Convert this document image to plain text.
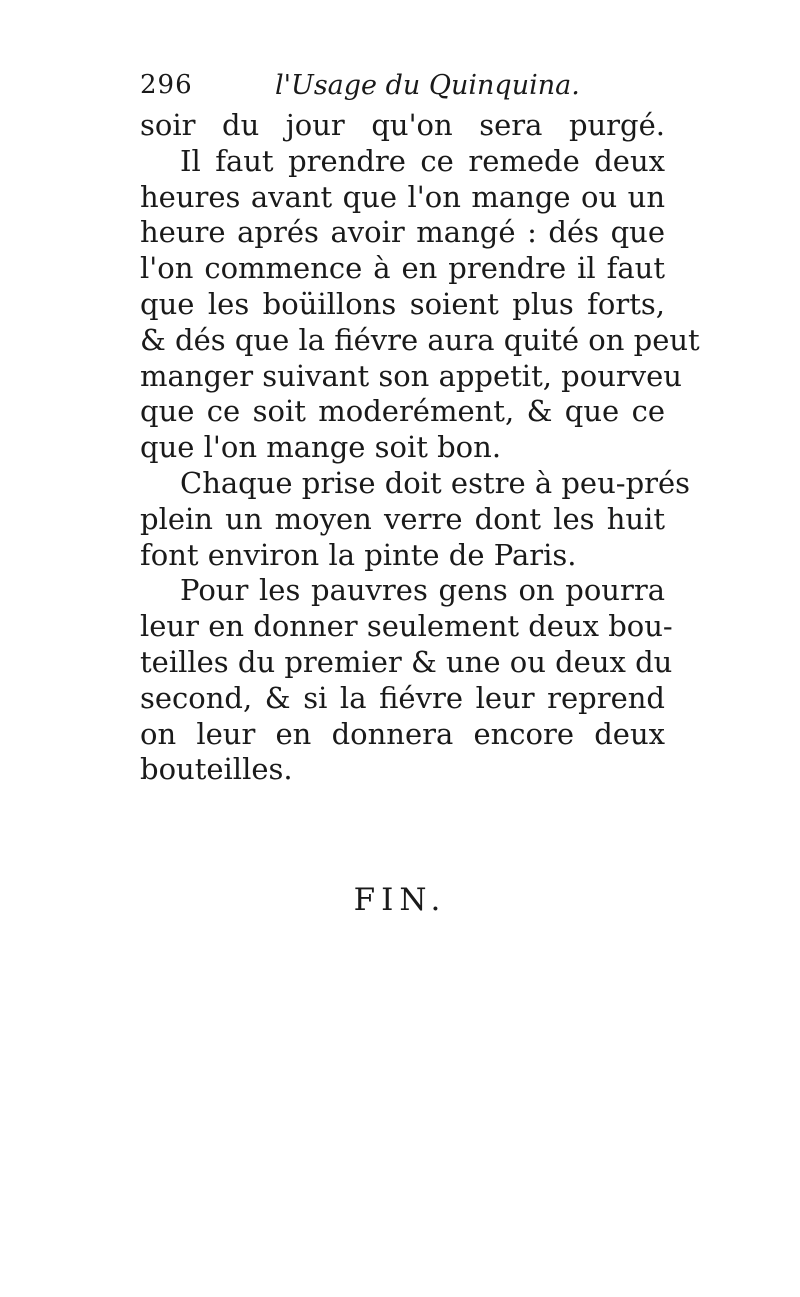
296	l'Usage du Quinquina.
soir du jour qu'on sera purgé.
Il faut prendre ce remede deux
heures avant que l'on mange ou un
heure aprés avoir mangé : dés que
l'on commence à en prendre il faut
que les boüillons soient plus forts,
& dés que la fiévre aura quité on peut
manger suivant son appetit, pourveu
que ce soit moderément, & que ce
que l'on mange soit bon.
Chaque prise doit estre à peu-prés
plein un moyen verre dont les huit
font environ la pinte de Paris.
Pour les pauvres gens on pourra
leur en donner seulement deux bou-
teilles du premier & une ou deux du
second, & si la fiévre leur reprend
on leur en donnera encore deux
bouteilles.
FIN.
